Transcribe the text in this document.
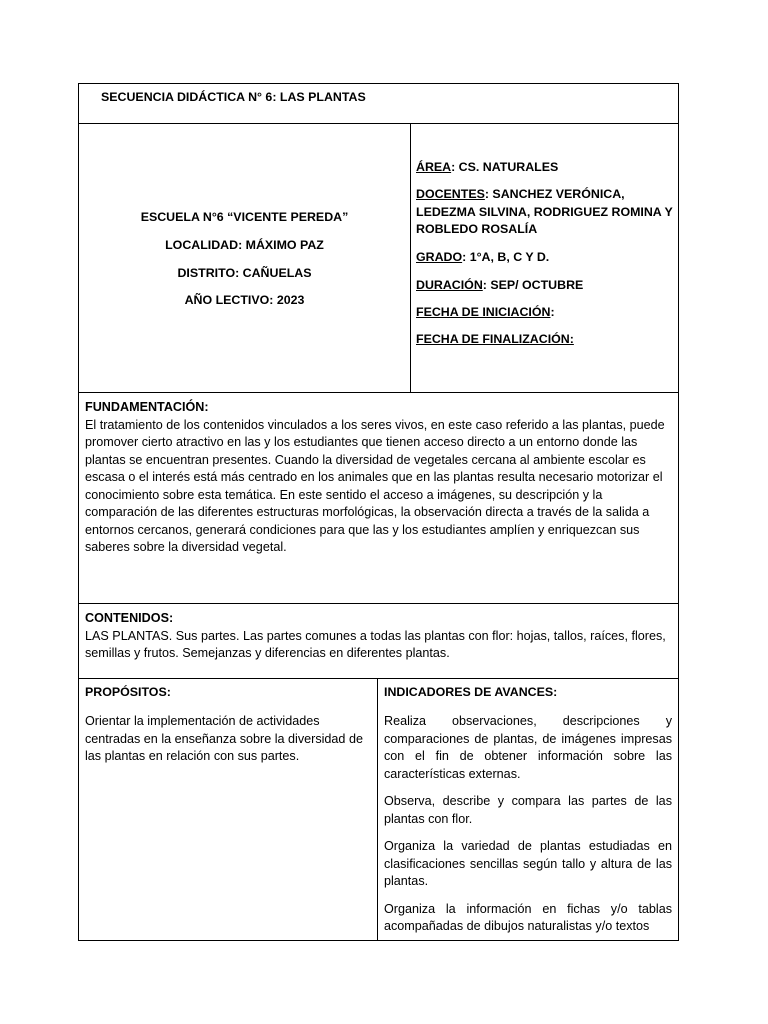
SECUENCIA DIDÁCTICA N° 6: LAS PLANTAS
ESCUELA N°6 “VICENTE PEREDA”
LOCALIDAD: MÁXIMO PAZ
DISTRITO: CAÑUELAS
AÑO LECTIVO: 2023
ÁREA: CS. NATURALES
DOCENTES: SANCHEZ VERÓNICA, LEDEZMA SILVINA, RODRIGUEZ ROMINA Y ROBLEDO ROSALÍA
GRADO: 1°A, B, C Y D.
DURACIÓN: SEP/ OCTUBRE
FECHA DE INICIACIÓN:
FECHA DE FINALIZACIÓN:
FUNDAMENTACIÓN:
El tratamiento de los contenidos vinculados a los seres vivos, en este caso referido a las plantas, puede promover cierto atractivo en las y los estudiantes que tienen acceso directo a un entorno donde las plantas se encuentran presentes. Cuando la diversidad de vegetales cercana al ambiente escolar es escasa o el interés está más centrado en los animales que en las plantas resulta necesario motorizar el conocimiento sobre esta temática. En este sentido el acceso a imágenes, su descripción y la comparación de las diferentes estructuras morfológicas, la observación directa a través de la salida a entornos cercanos, generará condiciones para que las y los estudiantes amplíen y enriquezcan sus saberes sobre la diversidad vegetal.
CONTENIDOS:
LAS PLANTAS. Sus partes. Las partes comunes a todas las plantas con flor: hojas, tallos, raíces, flores, semillas y frutos. Semejanzas y diferencias en diferentes plantas.
PROPÓSITOS:
Orientar la implementación de actividades centradas en la enseñanza sobre la diversidad de las plantas en relación con sus partes.
INDICADORES DE AVANCES:
Realiza observaciones, descripciones y comparaciones de plantas, de imágenes impresas con el fin de obtener información sobre las características externas.
Observa, describe y compara las partes de las plantas con flor.
Organiza la variedad de plantas estudiadas en clasificaciones sencillas según tallo y altura de las plantas.
Organiza la información en fichas y/o tablas acompañadas de dibujos naturalistas y/o textos
